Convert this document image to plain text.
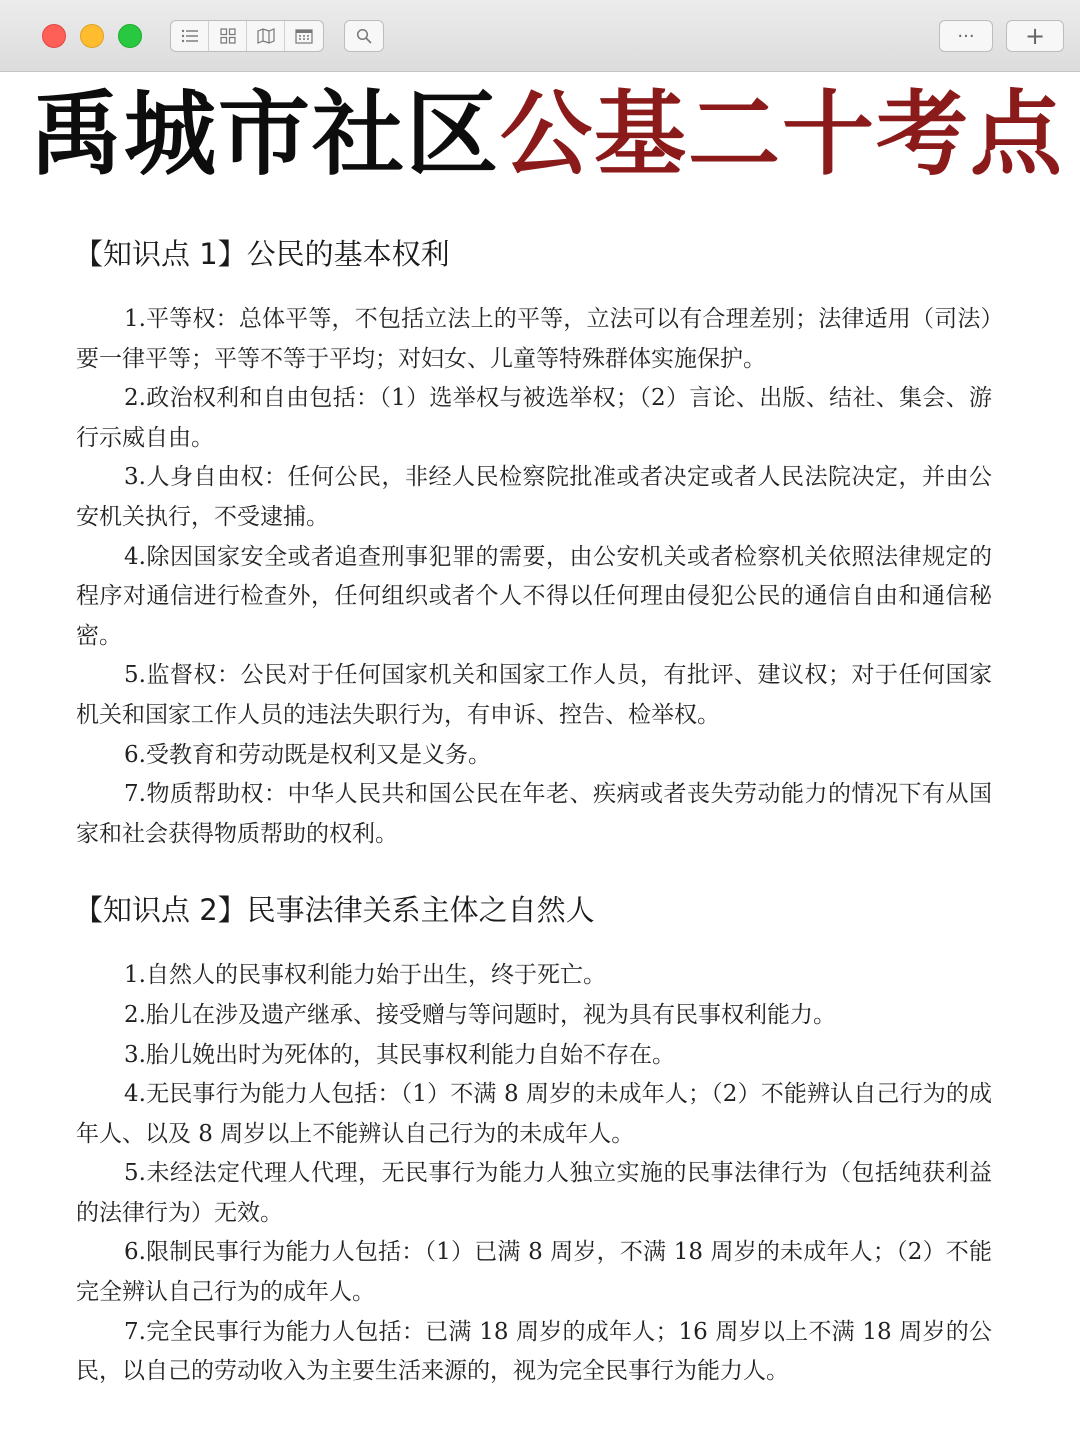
··· +
禹城市社区公基二十考点
【知识点 1】公民的基本权利

1.平等权：总体平等，不包括立法上的平等，立法可以有合理差别；法律适用（司法）要一律平等；平等不等于平均；对妇女、儿童等特殊群体实施保护。

2.政治权利和自由包括：（1）选举权与被选举权；（2）言论、出版、结社、集会、游行示威自由。

3.人身自由权：任何公民，非经人民检察院批准或者决定或者人民法院决定，并由公安机关执行，不受逮捕。

4.除因国家安全或者追查刑事犯罪的需要，由公安机关或者检察机关依照法律规定的程序对通信进行检查外，任何组织或者个人不得以任何理由侵犯公民的通信自由和通信秘密。

5.监督权：公民对于任何国家机关和国家工作人员，有批评、建议权；对于任何国家机关和国家工作人员的违法失职行为，有申诉、控告、检举权。

6.受教育和劳动既是权利又是义务。

7.物质帮助权：中华人民共和国公民在年老、疾病或者丧失劳动能力的情况下有从国家和社会获得物质帮助的权利。

【知识点 2】民事法律关系主体之自然人

1.自然人的民事权利能力始于出生，终于死亡。

2.胎儿在涉及遗产继承、接受赠与等问题时，视为具有民事权利能力。

3.胎儿娩出时为死体的，其民事权利能力自始不存在。

4.无民事行为能力人包括：（1）不满 8 周岁的未成年人；（2）不能辨认自己行为的成年人、以及 8 周岁以上不能辨认自己行为的未成年人。

5.未经法定代理人代理，无民事行为能力人独立实施的民事法律行为（包括纯获利益的法律行为）无效。

6.限制民事行为能力人包括：（1）已满 8 周岁，不满 18 周岁的未成年人；（2）不能完全辨认自己行为的成年人。

7.完全民事行为能力人包括：已满 18 周岁的成年人；16 周岁以上不满 18 周岁的公民，以自己的劳动收入为主要生活来源的，视为完全民事行为能力人。
